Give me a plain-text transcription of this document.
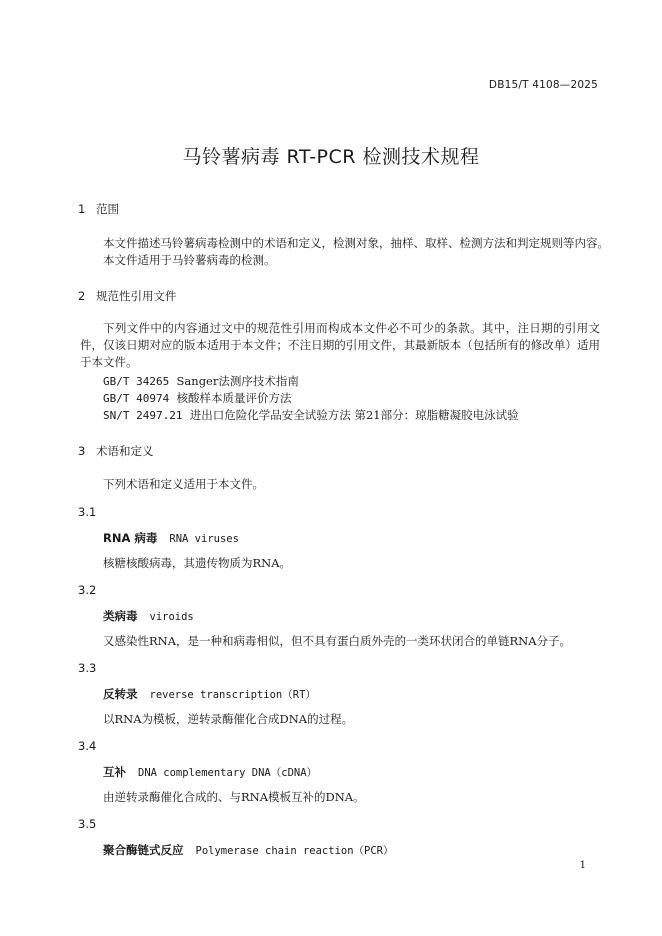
DB15/T 4108—2025
马铃薯病毒 RT-PCR 检测技术规程
1 范围
本文件描述马铃薯病毒检测中的术语和定义，检测对象，抽样、取样、检测方法和判定规则等内容。
本文件适用于马铃薯病毒的检测。
2 规范性引用文件
下列文件中的内容通过文中的规范性引用而构成本文件必不可少的条款。其中，注日期的引用文件，仅该日期对应的版本适用于本文件；不注日期的引用文件，其最新版本（包括所有的修改单）适用于本文件。
GB/T 34265 Sanger法测序技术指南
GB/T 40974 核酸样本质量评价方法
SN/T 2497.21 进出口危险化学品安全试验方法 第21部分：琼脂糖凝胶电泳试验
3 术语和定义
下列术语和定义适用于本文件。
3.1
RNA 病毒 RNA viruses
核糖核酸病毒，其遗传物质为RNA。
3.2
类病毒 viroids
又感染性RNA，是一种和病毒相似，但不具有蛋白质外壳的一类环状闭合的单链RNA分子。
3.3
反转录 reverse transcription（RT）
以RNA为模板，逆转录酶催化合成DNA的过程。
3.4
互补 DNA complementary DNA（cDNA）
由逆转录酶催化合成的、与RNA模板互补的DNA。
3.5
聚合酶链式反应 Polymerase chain reaction（PCR）
1
